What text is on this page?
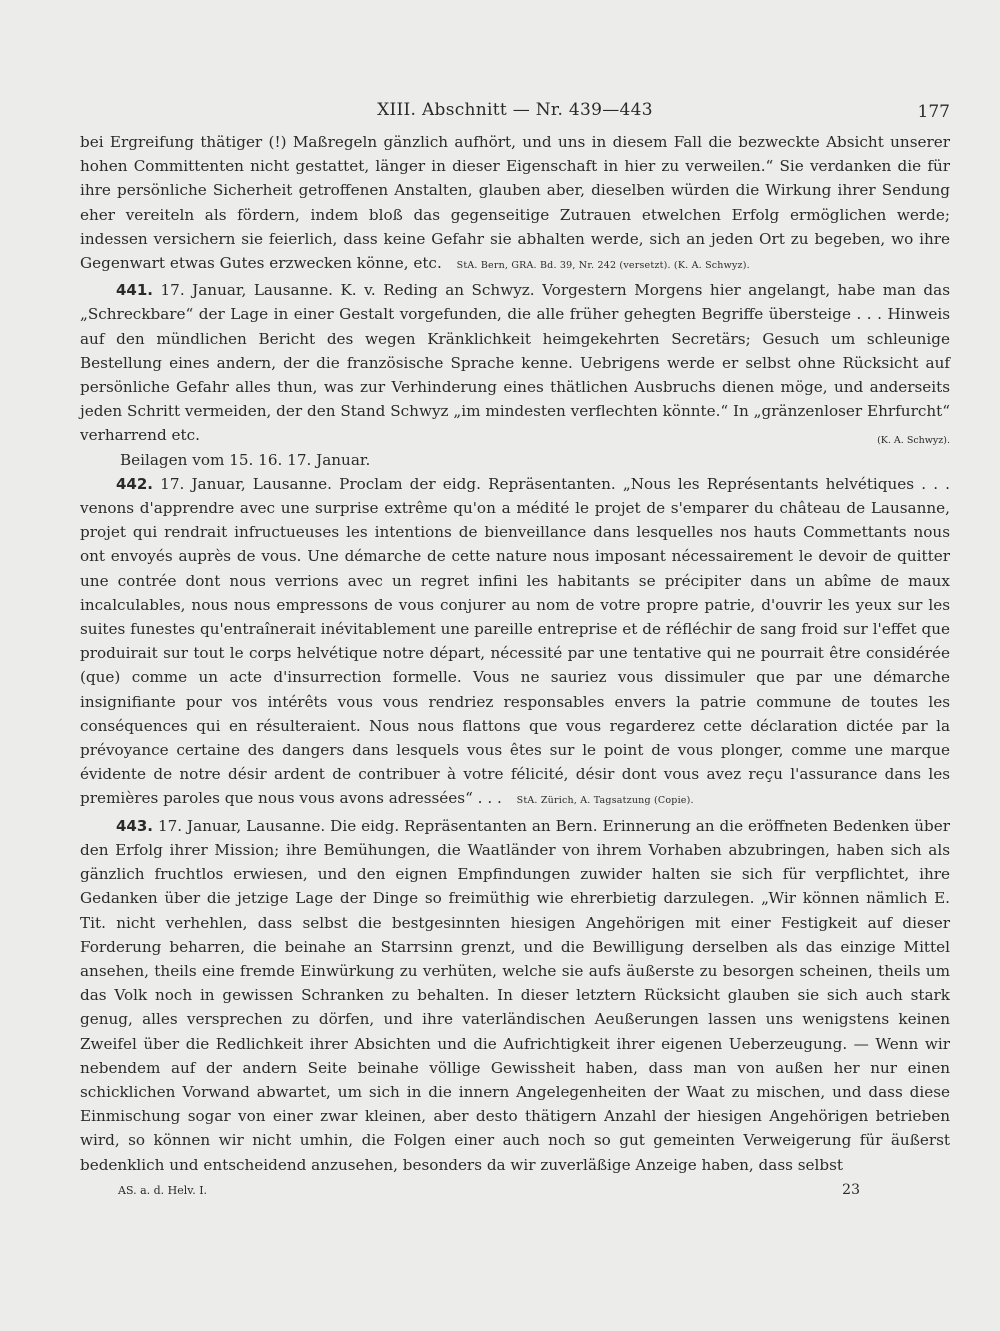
XIII. Abschnitt — Nr. 439—443	177

bei Ergreifung thätiger (!) Maßregeln gänzlich aufhört, und uns in diesem Fall die bezweckte Absicht unserer hohen Committenten nicht gestattet, länger in dieser Eigenschaft in hier zu verweilen.“ Sie verdanken die für ihre persönliche Sicherheit getroffenen Anstalten, glauben aber, dieselben würden die Wirkung ihrer Sendung eher vereiteln als fördern, indem bloß das gegenseitige Zutrauen etwelchen Erfolg ermöglichen werde; indessen versichern sie feierlich, dass keine Gefahr sie abhalten werde, sich an jeden Ort zu begeben, wo ihre Gegenwart etwas Gutes erzwecken könne, etc. StA. Bern, GRA. Bd. 39, Nr. 242 (versetzt). (K. A. Schwyz).

441. 17. Januar, Lausanne. K. v. Reding an Schwyz. Vorgestern Morgens hier angelangt, habe man das „Schreckbare“ der Lage in einer Gestalt vorgefunden, die alle früher gehegten Begriffe übersteige . . . Hinweis auf den mündlichen Bericht des wegen Kränklichkeit heimgekehrten Secretärs; Gesuch um schleunige Bestellung eines andern, der die französische Sprache kenne. Uebrigens werde er selbst ohne Rücksicht auf persönliche Gefahr alles thun, was zur Verhinderung eines thätlichen Ausbruchs dienen möge, und anderseits jeden Schritt vermeiden, der den Stand Schwyz „im mindesten verflechten könnte.“ In „gränzenloser Ehrfurcht“ verharrend etc.	(K. A. Schwyz).

Beilagen vom 15. 16. 17. Januar.

442. 17. Januar, Lausanne. Proclam der eidg. Repräsentanten. „Nous les Représentants helvétiques . . . venons d'apprendre avec une surprise extrême qu'on a médité le projet de s'emparer du château de Lausanne, projet qui rendrait infructueuses les intentions de bienveillance dans lesquelles nos hauts Commettants nous ont envoyés auprès de vous. Une démarche de cette nature nous imposant nécessairement le devoir de quitter une contrée dont nous verrions avec un regret infini les habitants se précipiter dans un abîme de maux incalculables, nous nous empressons de vous conjurer au nom de votre propre patrie, d'ouvrir les yeux sur les suites funestes qu'entraînerait inévitablement une pareille entreprise et de réfléchir de sang froid sur l'effet que produirait sur tout le corps helvétique notre départ, nécessité par une tentative qui ne pourrait être considérée (que) comme un acte d'insurrection formelle. Vous ne sauriez vous dissimuler que par une démarche insignifiante pour vos intérêts vous vous rendriez responsables envers la patrie commune de toutes les conséquences qui en résulteraient. Nous nous flattons que vous regarderez cette déclaration dictée par la prévoyance certaine des dangers dans lesquels vous êtes sur le point de vous plonger, comme une marque évidente de notre désir ardent de contribuer à votre félicité, désir dont vous avez reçu l'assurance dans les premières paroles que nous vous avons adressées“ . . . StA. Zürich, A. Tagsatzung (Copie).

443. 17. Januar, Lausanne. Die eidg. Repräsentanten an Bern. Erinnerung an die eröffneten Bedenken über den Erfolg ihrer Mission; ihre Bemühungen, die Waatländer von ihrem Vorhaben abzubringen, haben sich als gänzlich fruchtlos erwiesen, und den eignen Empfindungen zuwider halten sie sich für verpflichtet, ihre Gedanken über die jetzige Lage der Dinge so freimüthig wie ehrerbietig darzulegen. „Wir können nämlich E. Tit. nicht verhehlen, dass selbst die bestgesinnten hiesigen Angehörigen mit einer Festigkeit auf dieser Forderung beharren, die beinahe an Starrsinn grenzt, und die Bewilligung derselben als das einzige Mittel ansehen, theils eine fremde Einwürkung zu verhüten, welche sie aufs äußerste zu besorgen scheinen, theils um das Volk noch in gewissen Schranken zu behalten. In dieser letztern Rücksicht glauben sie sich auch stark genug, alles versprechen zu dörfen, und ihre vaterländischen Aeußerungen lassen uns wenigstens keinen Zweifel über die Redlichkeit ihrer Absichten und die Aufrichtigkeit ihrer eigenen Ueberzeugung. — Wenn wir nebendem auf der andern Seite beinahe völlige Gewissheit haben, dass man von außen her nur einen schicklichen Vorwand abwartet, um sich in die innern Angelegenheiten der Waat zu mischen, und dass diese Einmischung sogar von einer zwar kleinen, aber desto thätigern Anzahl der hiesigen Angehörigen betrieben wird, so können wir nicht umhin, die Folgen einer auch noch so gut gemeinten Verweigerung für äußerst bedenklich und entscheidend anzusehen, besonders da wir zuverläßige Anzeige haben, dass selbst

AS. a. d. Helv. I.	23
